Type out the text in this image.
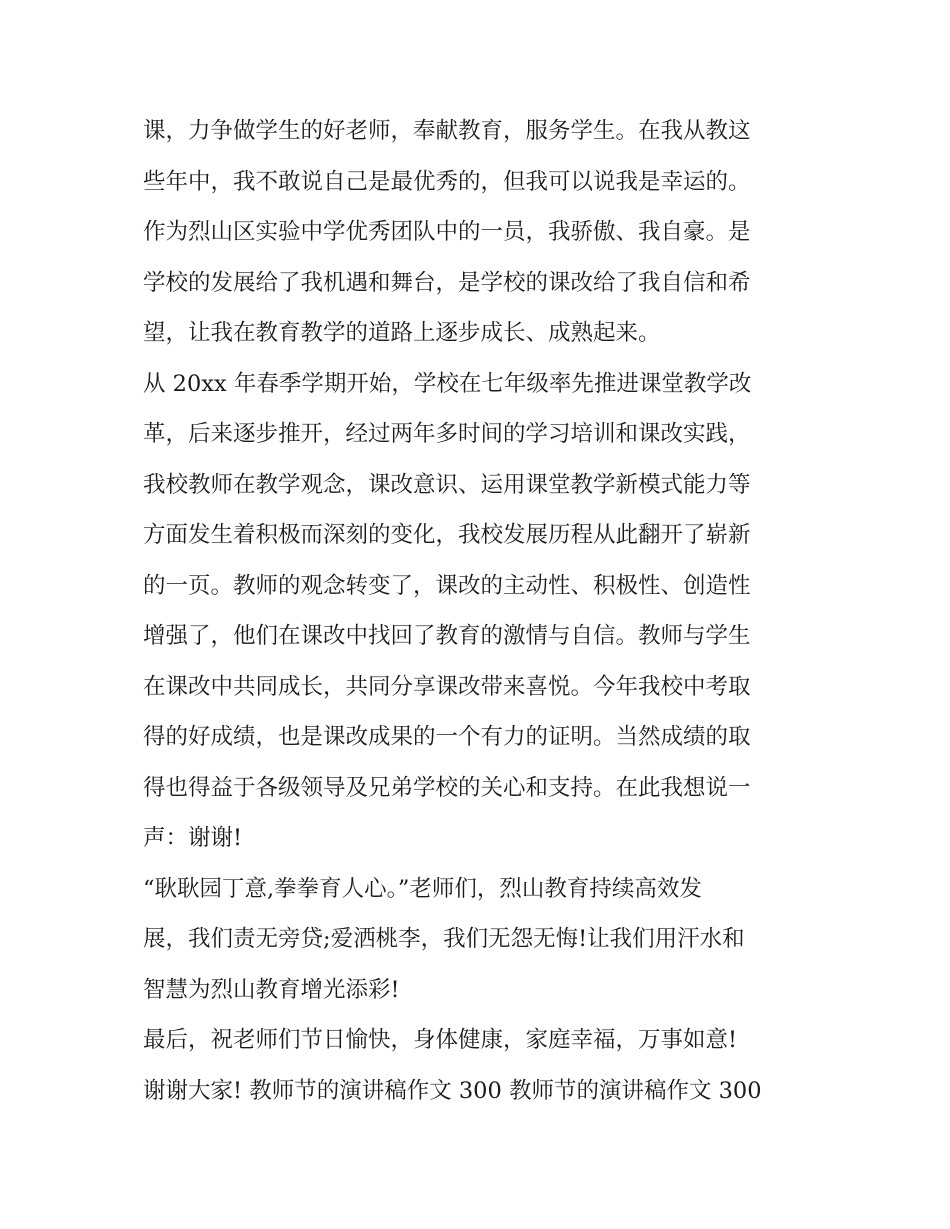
课，力争做学生的好老师，奉献教育，服务学生。在我从教这
些年中，我不敢说自己是最优秀的，但我可以说我是幸运的。
作为烈山区实验中学优秀团队中的一员，我骄傲、我自豪。是
学校的发展给了我机遇和舞台，是学校的课改给了我自信和希
望，让我在教育教学的道路上逐步成长、成熟起来。
从 20xx 年春季学期开始，学校在七年级率先推进课堂教学改
革，后来逐步推开，经过两年多时间的学习培训和课改实践，
我校教师在教学观念，课改意识、运用课堂教学新模式能力等
方面发生着积极而深刻的变化，我校发展历程从此翻开了崭新
的一页。教师的观念转变了，课改的主动性、积极性、创造性
增强了，他们在课改中找回了教育的激情与自信。教师与学生
在课改中共同成长，共同分享课改带来喜悦。今年我校中考取
得的好成绩，也是课改成果的一个有力的证明。当然成绩的取
得也得益于各级领导及兄弟学校的关心和支持。在此我想说一
声：谢谢!
“耿耿园丁意,拳拳育人心。”老师们，烈山教育持续高效发
展，我们责无旁贷;爱洒桃李，我们无怨无悔!让我们用汗水和
智慧为烈山教育增光添彩!
最后，祝老师们节日愉快，身体健康，家庭幸福，万事如意!
谢谢大家! 教师节的演讲稿作文 300 教师节的演讲稿作文 300
